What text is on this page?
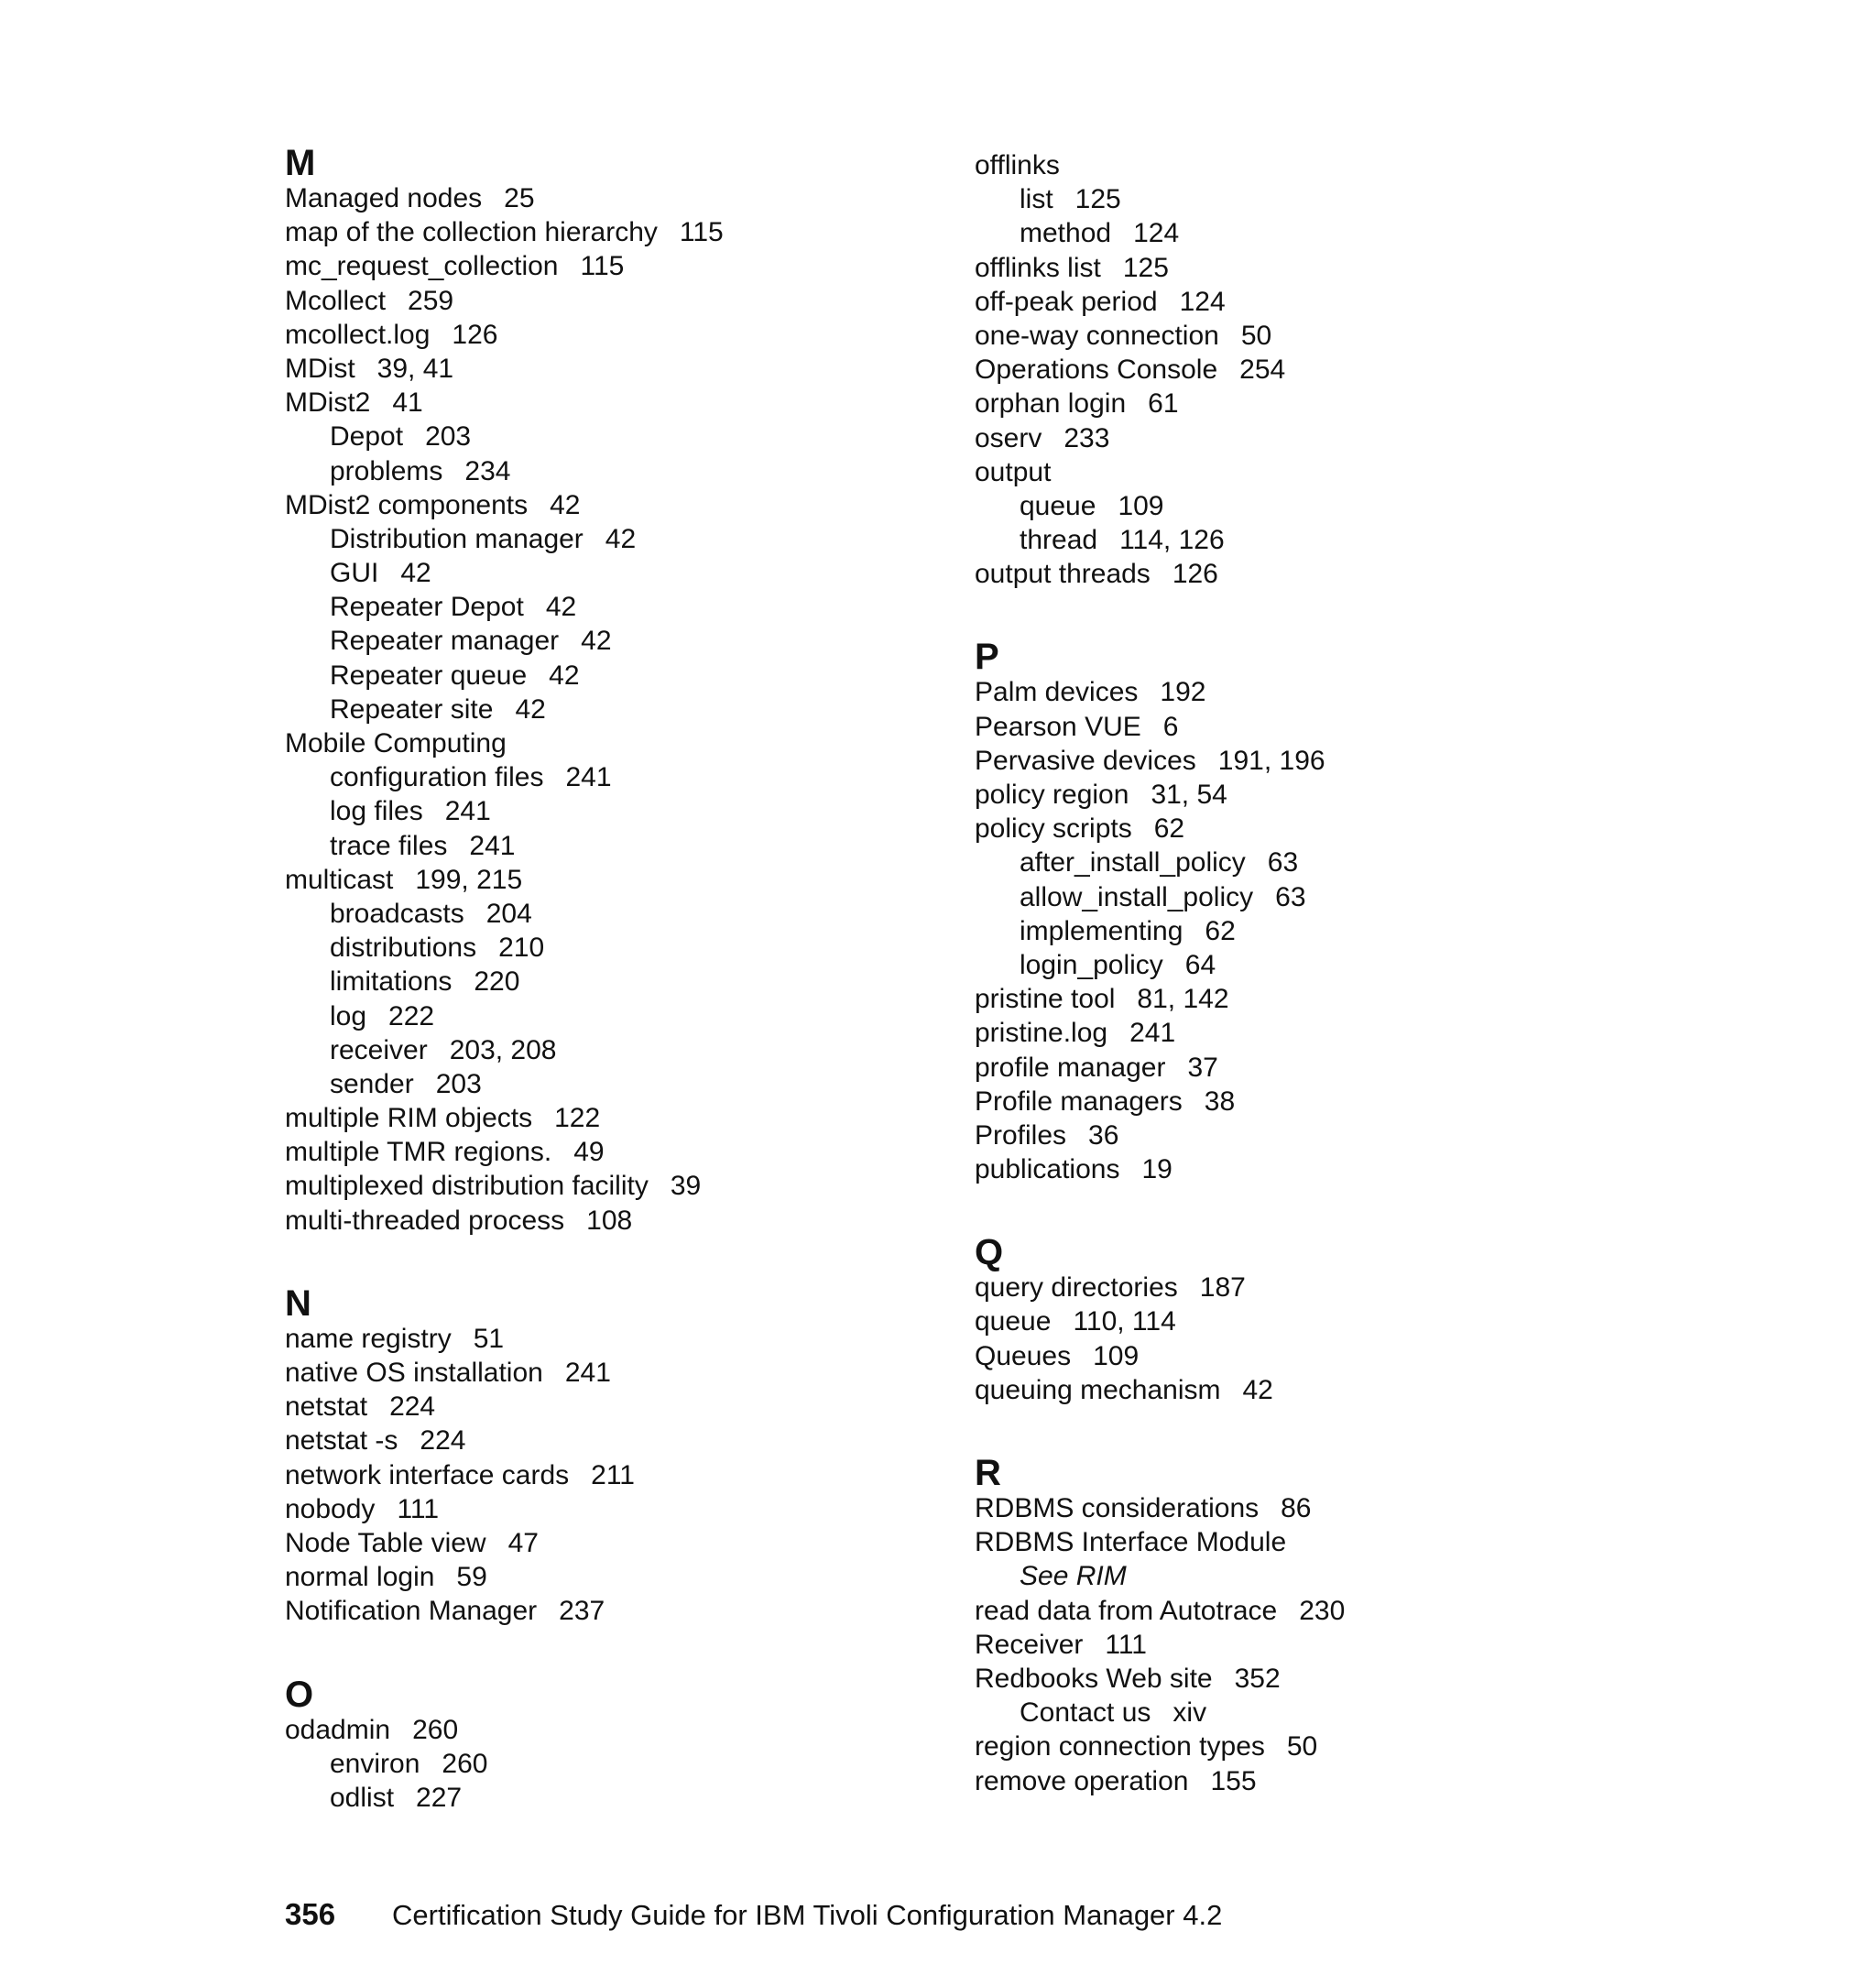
M
Managed nodes 25
map of the collection hierarchy 115
mc_request_collection 115
Mcollect 259
mcollect.log 126
MDist 39, 41
MDist2 41
Depot 203
problems 234
MDist2 components 42
Distribution manager 42
GUI 42
Repeater Depot 42
Repeater manager 42
Repeater queue 42
Repeater site 42
Mobile Computing
configuration files 241
log files 241
trace files 241
multicast 199, 215
broadcasts 204
distributions 210
limitations 220
log 222
receiver 203, 208
sender 203
multiple RIM objects 122
multiple TMR regions. 49
multiplexed distribution facility 39
multi-threaded process 108
N
name registry 51
native OS installation 241
netstat 224
netstat -s 224
network interface cards 211
nobody 111
Node Table view 47
normal login 59
Notification Manager 237
O
odadmin 260
environ 260
odlist 227
offlinks
list 125
method 124
offlinks list 125
off-peak period 124
one-way connection 50
Operations Console 254
orphan login 61
oserv 233
output
queue 109
thread 114, 126
output threads 126
P
Palm devices 192
Pearson VUE 6
Pervasive devices 191, 196
policy region 31, 54
policy scripts 62
after_install_policy 63
allow_install_policy 63
implementing 62
login_policy 64
pristine tool 81, 142
pristine.log 241
profile manager 37
Profile managers 38
Profiles 36
publications 19
Q
query directories 187
queue 110, 114
Queues 109
queuing mechanism 42
R
RDBMS considerations 86
RDBMS Interface Module
See RIM
read data from Autotrace 230
Receiver 111
Redbooks Web site 352
Contact us xiv
region connection types 50
remove operation 155
356 Certification Study Guide for IBM Tivoli Configuration Manager 4.2
